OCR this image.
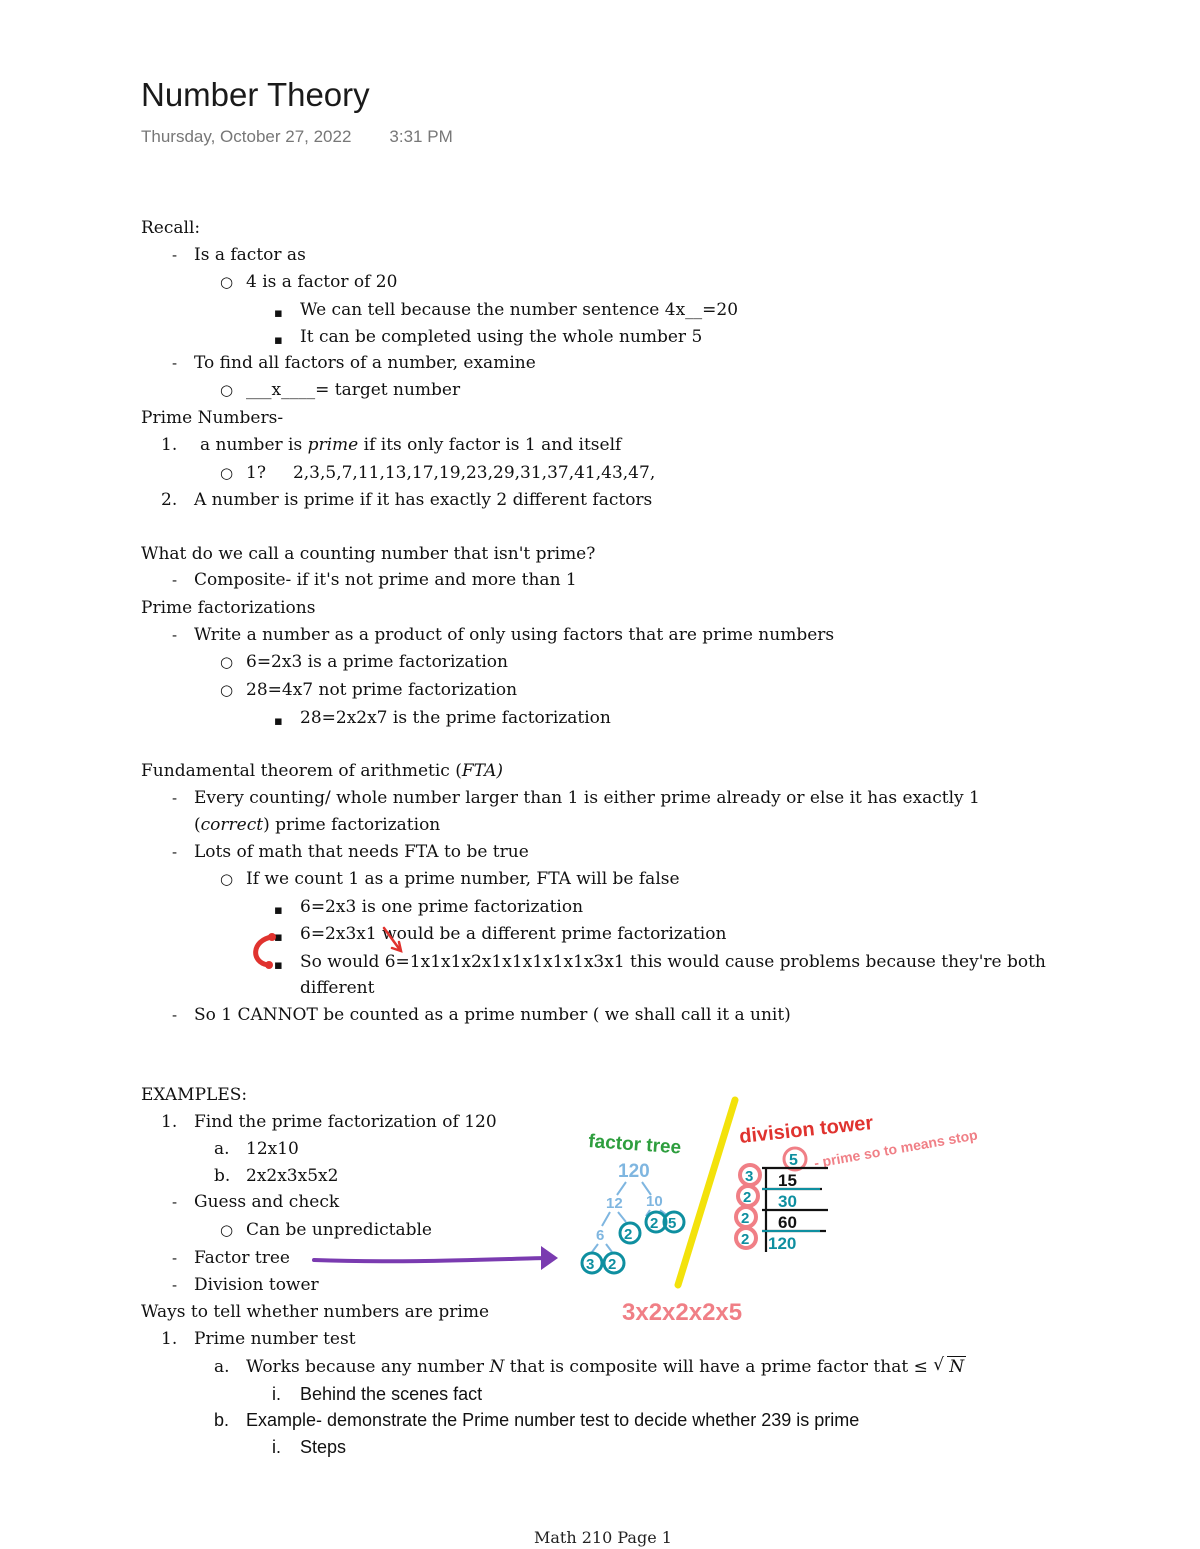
Number Theory
Thursday, October 27, 2022 3:31 PM
Recall:
-
Is a factor as
○
4 is a factor of 20
▪
We can tell because the number sentence 4x__=20
▪
It can be completed using the whole number 5
-
To find all factors of a number, examine
○
___x____= target number
Prime Numbers-
1. a number is prime if its only factor is 1 and itself
○
1?     2,3,5,7,11,13,17,19,23,29,31,37,41,43,47,
2. A number is prime if it has exactly 2 different factors
What do we call a counting number that isn't prime?
-
Composite- if it's not prime and more than 1
Prime factorizations
-
Write a number as a product of only using factors that are prime numbers
○
6=2x3 is a prime factorization
○
28=4x7 not prime factorization
▪
28=2x2x7 is the prime factorization
Fundamental theorem of arithmetic (FTA)
-
Every counting/ whole number larger than 1 is either prime already or else it has exactly 1
(correct) prime factorization
-
Lots of math that needs FTA to be true
○
If we count 1 as a prime number, FTA will be false
▪
6=2x3 is one prime factorization
▪
6=2x3x1 would be a different prime factorization
▪
So would 6=1x1x1x2x1x1x1x1x1x3x1 this would cause problems because they're both
different
-
So 1 CANNOT be counted as a prime number ( we shall call it a unit)
EXAMPLES:
1. Find the prime factorization of 120
a. 12x10
b. 2x2x3x5x2
-
Guess and check
○
Can be unpredictable
-
Factor tree
-
Division tower
Ways to tell whether numbers are prime
1. Prime number test
a. Works because any number N that is composite will have a prime factor that ≤ √ N
i. Behind the scenes fact
b. Example- demonstrate the Prime number test to decide whether 239 is prime
i. Steps
Math 210 Page 1
factor tree
120
12 10
6 2
2 5
3 2
division tower
- prime so to means stop
3
2
2
2
5
15
30
60
120
3x2x2x2x5
